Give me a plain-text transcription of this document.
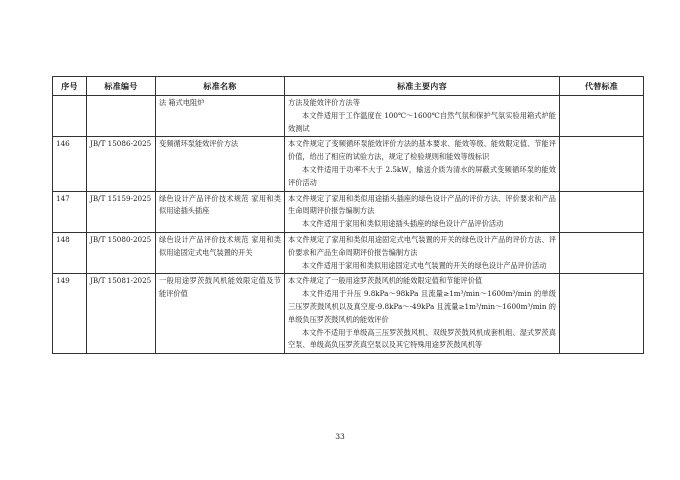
序号	标准编号	标准名称	标准主要内容	代替标准
		法 箱式电阻炉	方法及能效评价方法等

本文件适用于工作温度在 100℃～1600℃自然气氛和保护气氛实验用箱式炉能效测试	

146	JB/T 15086-2025	变频循环泵能效评价方法	本文件规定了变频循环泵能效评价方法的基本要求、能效等级、能效限定值、节能评价值，给出了相应的试验方法，规定了检验规则和能效等级标识

本文件适用于功率不大于 2.5kW，输送介质为清水的屏蔽式变频循环泵的能效评价活动	

147	JB/T 15159-2025	绿色设计产品评价技术规范 家用和类似用途插头插座	本文件规定了家用和类似用途插头插座的绿色设计产品的评价方法、评价要求和产品生命周期评价报告编制方法

本文件适用于家用和类似用途插头插座的绿色设计产品评价活动	

148	JB/T 15080-2025	绿色设计产品评价技术规范 家用和类似用途固定式电气装置的开关	本文件规定了家用和类似用途固定式电气装置的开关的绿色设计产品的评价方法、评价要求和产品生命周期评价报告编制方法

本文件适用于家用和类似用途固定式电气装置的开关的绿色设计产品评价活动	

149	JB/T 15081-2025	一般用途罗茨鼓风机能效限定值及节能评价值	本文件规定了一般用途罗茨鼓风机的能效限定值和节能评价值

本文件适用于升压 9.8kPa～98kPa 且流量≥1m³/min～1600m³/min 的单级三压罗茨鼓风机以及真空度-9.8kPa～-49kPa 且流量≥1m³/min～1600m³/min 的单级负压罗茨鼓风机的能效评价

本文件不适用于单级高三压罗茨鼓风机、双级罗茨鼓风机成套机组、湿式罗茨真空泵、单级高负压罗茨真空泵以及其它特殊用途罗茨鼓风机等	

33
